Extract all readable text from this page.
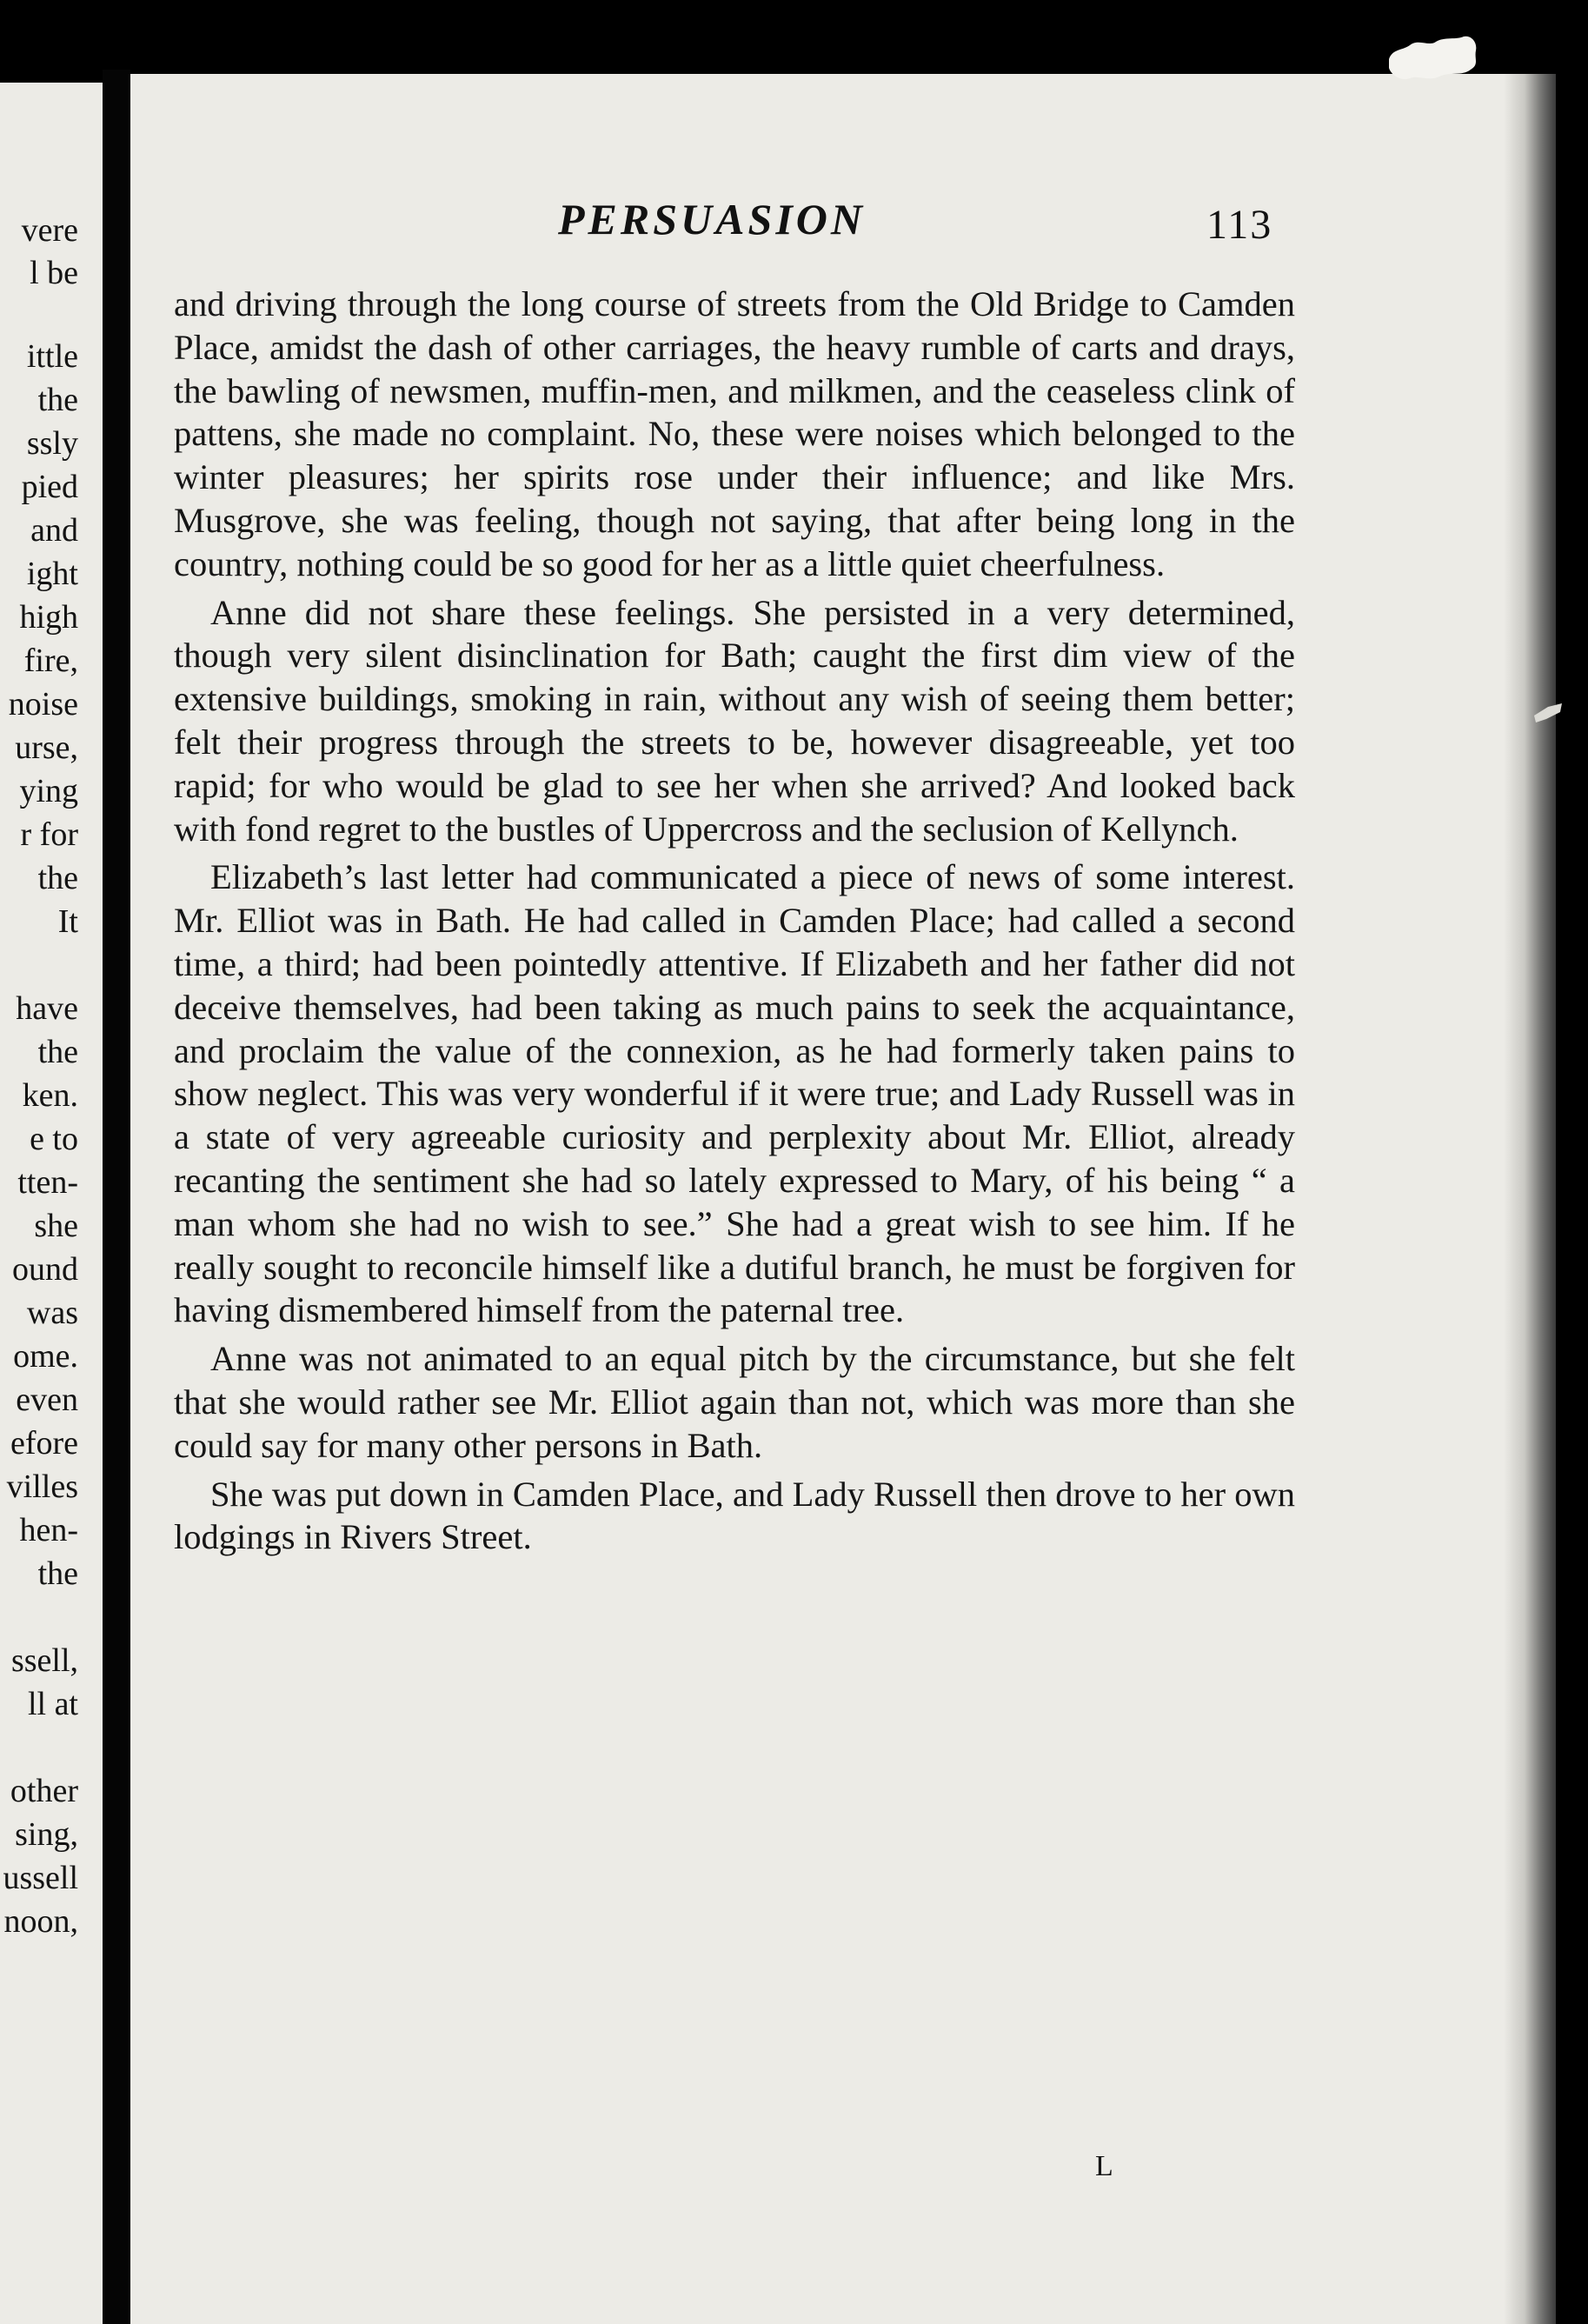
vere
l be
ittle
the
ssly
pied
and
ight
high
fire,
noise
urse,
ying
r for
the
It
have
the
ken.
e to
tten-
she
ound
was
ome.
even
efore
villes
hen-
the
ssell,
ll at
other
sing,
ussell
noon,
PERSUASION	113

and driving through the long course of streets from the Old Bridge to Camden Place, amidst the dash of other carriages, the heavy rumble of carts and drays, the bawling of newsmen, muffin-men, and milkmen, and the ceaseless clink of pattens, she made no complaint. No, these were noises which belonged to the winter pleasures; her spirits rose under their influence; and like Mrs. Musgrove, she was feeling, though not saying, that after being long in the country, nothing could be so good for her as a little quiet cheerfulness.

Anne did not share these feelings. She persisted in a very determined, though very silent disinclination for Bath; caught the first dim view of the extensive buildings, smoking in rain, without any wish of seeing them better; felt their progress through the streets to be, however disagreeable, yet too rapid; for who would be glad to see her when she arrived? And looked back with fond regret to the bustles of Uppercross and the seclusion of Kellynch.

Elizabeth’s last letter had communicated a piece of news of some interest. Mr. Elliot was in Bath. He had called in Camden Place; had called a second time, a third; had been pointedly attentive. If Elizabeth and her father did not deceive themselves, had been taking as much pains to seek the acquaintance, and proclaim the value of the connexion, as he had formerly taken pains to show neglect. This was very wonderful if it were true; and Lady Russell was in a state of very agreeable curiosity and perplexity about Mr. Elliot, already recanting the sentiment she had so lately expressed to Mary, of his being “ a man whom she had no wish to see.” She had a great wish to see him. If he really sought to reconcile himself like a dutiful branch, he must be forgiven for having dismembered himself from the paternal tree.

Anne was not animated to an equal pitch by the circumstance, but she felt that she would rather see Mr. Elliot again than not, which was more than she could say for many other persons in Bath.

She was put down in Camden Place, and Lady Russell then drove to her own lodgings in Rivers Street.

L
